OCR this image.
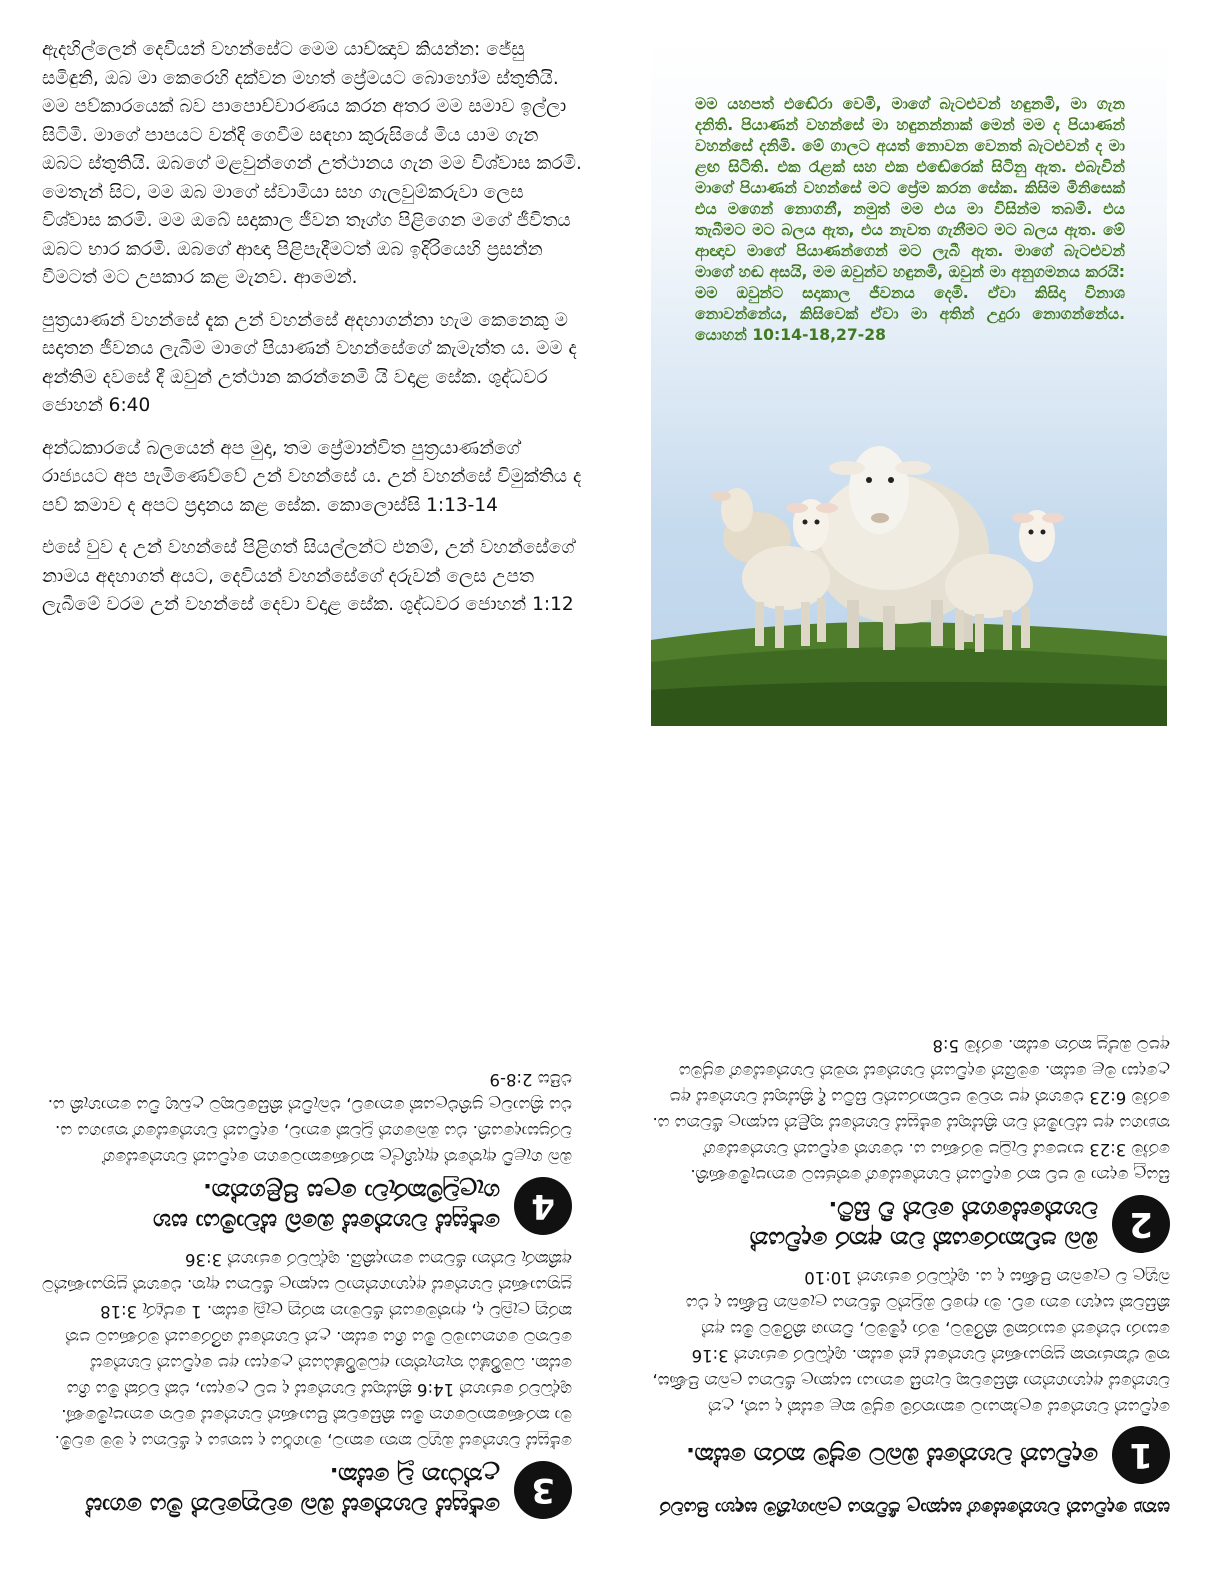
ඇදහිල්ලෙන් දෙවියන් වහන්සේට මෙම යාච්ඤාව කියන්න: ජේසු සමිඳුනි, ඔබ මා කෙරෙහි දක්වන මහත් ප්‍රේමයට බොහෝම ස්තුතියි. මම පව්කාරයෙක් බව පාපොච්චාරණය කරන අතර මම සමාව ඉල්ලා සිටිමි. මාගේ පාපයට වන්දි ගෙවීම සඳහා කුරුසියේ මිය යාම ගැන ඔබට ස්තුතියි. ඔබගේ මළවුන්ගෙන් උත්ථානය ගැන මම විශ්වාස කරමි. මෙතැන් සිට, මම ඔබ මාගේ ස්වාමියා සහ ගැලවුම්කරුවා ලෙස විශ්වාස කරමි. මම ඔබේ සදාකාල ජීවන තෑග්ග පිළිගෙන මගේ ජීවිතය ඔබට භාර කරමි. ඔබගේ ආඥා පිළිපැදීමටත් ඔබ ඉදිරියෙහි ප්‍රසන්න වීමටත් මට උපකාර කළ මැනව. ආමෙන්.

පුත්‍රයාණන් වහන්සේ දැක උන් වහන්සේ අදහාගන්නා හැම කෙනෙකු ම සදාතන ජීවනය ලැබීම මාගේ පියාණන් වහන්සේගේ කැමැත්ත ය. මම ද අන්තිම දවසේ දී ඔවුන් උත්ථාන කරන්නෙමි යි වදාළ සේක. ශුද්ධවර ජොහන් 6:40

අන්ධකාරයේ බලයෙන් අප මුදා, තම ප්‍රේමාන්විත පුත්‍රයාණන්ගේ රාජ්‍යයට අප පැමිණෙව්වේ උන් වහන්සේ ය. උන් වහන්සේ විමුක්තිය ද පව් කමාව ද අපට ප්‍රදානය කළ සේක. කොලොස්සි 1:13-14

එසේ වුව ද උන් වහන්සේ පිළිගත් සියල්ලන්ට එනම්, උන් වහන්සේගේ නාමය අදහාගත් අයට, දෙවියන් වහන්සේගේ දරුවන් ලෙස උපත ලැබීමේ වරම උන් වහන්සේ දෙවා වදාළ සේක. ශුද්ධවර ජොහන් 1:12

මම යහපත් එඬේරා වෙමි, මාගේ බැටළුවන් හඳුනමි, මා ගැන දනිති. පියාණන් වහන්සේ මා හඳුනන්නාක් මෙන් මම ද පියාණන් වහන්සේ දනිමි. මේ ගාලට අයත් නොවන වෙනත් බැටළුවන් ද මා ළඟ සිටිති. එක රැළක් සහ එක එඬේරෙක් සිටිනු ඇත. එබැවින් මාගේ පියාණන් වහන්සේ මට ප්‍රේම කරන සේක. කිසිම මිනිසෙක් එය මගෙන් නොගනී, නමුත් මම එය මා විසින්ම තබමි. එය තැබීමට මට බලය ඇත, එය නැවත ගැනීමට මට බලය ඇත. මේ ආඥාව මාගේ පියාණන්ගෙන් මට ලැබී ඇත. මාගේ බැටළුවන් මාගේ හඬ අසයි, මම ඔවුන්ව හඳුනමි, ඔවුන් මා අනුගමනය කරයි: මම ඔවුන්ට සදාකාල ජීවනය දෙමි. ඒවා කිසිදා විනාශ නොවන්නේය, කිසිවෙක් ඒවා මා අතින් උදුරා නොගන්නේය. යොහන් 10:14-18,27-28
සත්‍ය දෙවියන් වහන්සේගේ සදාකාල ජීවිතය ලබාගැනීම සඳහා පියවර
1
දෙවියන් වහන්සේ ඔබට ප්‍රේම කරන සේක.

දෙවියන් වහන්සේ ලෝකයාට කොතරම් ප්‍රේම කළ සේක් ද යත්, උන් වහන්සේ අදහාගන්නා කිසිවෙකු වැනසී නොයා සදාකාල ජීවනය ලබන පිණිස, තම ඒකජාතක පුත්‍රයාණන් වහන්සේ දුන් සේක. ශුද්ධවර ජොහන් 3:16 සොරා එන්නේ සොරකම් කිරීමට, මරා දැමීමට, විනාශ කිරීමට මිස අන් කිසිවක් සඳහා නො වේ. මා ආවේ ඔවුන්ට ජීවනය ලැබෙන පිණිස ද එය බහුල ව ලැබෙන පිණිස ද ය. ශුද්ධවර ජොහන් 10:10

2
ඔබ පව්කාරයෙක් වන අතර දෙවියන් වහන්සේගෙන් වෙන් වී සිටී.

සියලු දෙනා ම පව් කර දෙවියන් වහන්සේගේ තේජසට නොපැමිණෙති. රෝම 3:23 පාපයේ වැටුප මරණය ය. එහෙත් දෙවියන් වහන්සේගේ ත්‍යාගය අප ස්වාමීන් වන ක්‍රිස්තුස් ජේසුස් වහන්සේ තුළින් සදාකාල ජීවනය ය. රෝම 6:23 එහෙත් අප තවම පව්කාරයන්ව සිටිය දී ක්‍රිස්තුස් වහන්සේ අප උදෙසා මළ සේක. මෙයින් දෙවියන් වහන්සේ තමන් වහන්සේගේ ප්‍රේමය අපට ඔප්පු කරන සේක. රෝම 5:8

3
ජේසුස් වහන්සේ ඔබ වෙනුවෙන් මිය ගොස් උත්ථාන වූ සේක.

ජේසුස් වහන්සේ ඔහුට කතා කොට, මාර්ගය ද සත්‍යය ද ජීවනය ද මම වෙමි. මා කරණකොටගෙන මිස කිසිවෙක් පියාණන් වහන්සේ වෙත නොපැමිණේ. ශුද්ධවර ජොහන් 14:6 ක්‍රිස්තුස් වහන්සේ ද පව් උදෙසා, එක් වරක් මිය ගිය සේක. ධර්මිෂ්ඨ තැනැත්තා අධර්මිෂ්ඨයන් උදෙසා අප දෙවියන් වහන්සේ වෙතට ගෙනයාමට මිය ගිය සේක. උන් වහන්සේ ශරීරයෙන් මරණයට පත් කරනු ලැබුව ද, ආත්මයෙන් ජීවමාන කරනු ලැබූ සේක. 1 පේදුරු 3:18 පුත්‍රයාණන් වහන්සේ අදහාගන්නාට සදාකාල ජීවනය ඇත. එහෙත් පුත්‍රයාණන්ට අකීකරු වන්නා ජීවනය නොදකියි. ශුද්ධවර ජොහන් 3:36

4
ජේසුස් වහන්සේ ඔබේ ස්වාමියා සහ ගැලවුම්කරුවා ලෙස පිළිගන්න.

ඔබ ගැළවී ඇත්තේ ඇදහිල්ල කරණකොටගෙන දෙවියන් වහන්සේගේ වරප්‍රසාදයෙනි. එය ඔබගෙන් වූවක් නොව, දෙවියන් වහන්සේගේ ත්‍යාගය ය. එය ක්‍රියාවල ප්‍රතිඵලයක් නොවේ, එබැවින් කිසිවෙකුට උඩඟු විය නොහැකි ය. එපීස 2:8-9
